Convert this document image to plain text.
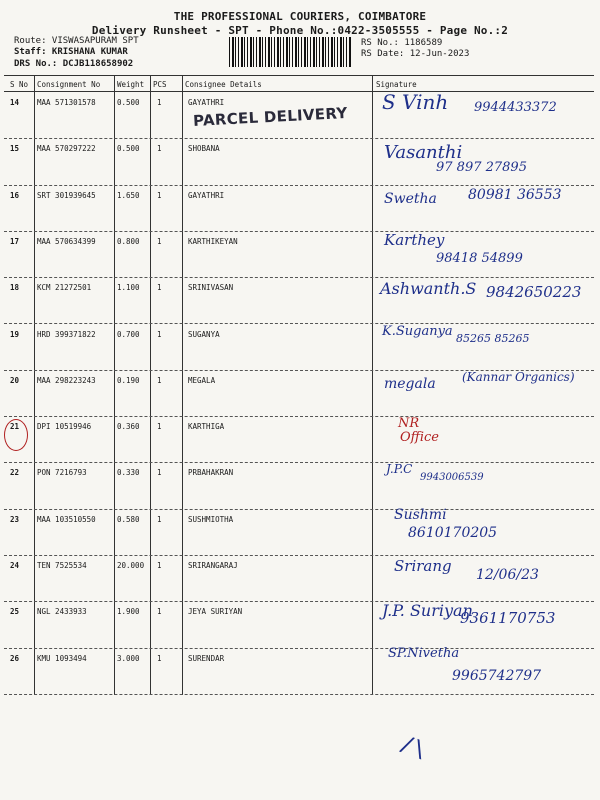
THE PROFESSIONAL COURIERS, COIMBATORE
Delivery Runsheet - SPT - Phone No.:0422-3505555 - Page No.:2
Route: VISWASAPURAM SPT
Staff: KRISHANA KUMAR
DRS No.: DCJB118658902
RS No.: 1186589
RS Date: 12-Jun-2023
S No Consignment No Weight PCS Consignee Details	Signature
14 MAA 571301578	0.500 1	GAYATHRI	S Vinh 9944433372
15 MAA 570297222	0.500 1	SHOBANA	Vasanthi
97 897 27895
16 SRT 301939645	1.650 1	GAYATHRI	Swetha 80981 36553
17 MAA 570634399	0.800 1	KARTHIKEYAN	Karthey
98418 54899
18 KCM 21272501	1.100 1	SRINIVASAN	Ashwanth.S 9842650223
19 HRD 399371822	0.700 1	SUGANYA	K.Suganya 85265 85265
20 MAA 298223243	0.190 1	MEGALA	megala (Kannar Organics)
21 DPI 10519946	0.360 1	KARTHIGA	NR
Office
22 PON 7216793	0.330 1	PRBAHAKRAN	J.P.C
9943006539
23 MAA 103510550	0.580 1	SUSHMIOTHA	Sushmi
8610170205
24 TEN 7525534	20.000 1	SRIRANGARAJ	Srirang 12/06/23
25 NGL 2433933	1.900 1	JEYA SURIYAN	J.P. Suriyan
9361170753
26 KMU 1093494	3.000 1	SURENDAR	SP.Nivetha
9965742797
PARCEL DELIVERY
/\
